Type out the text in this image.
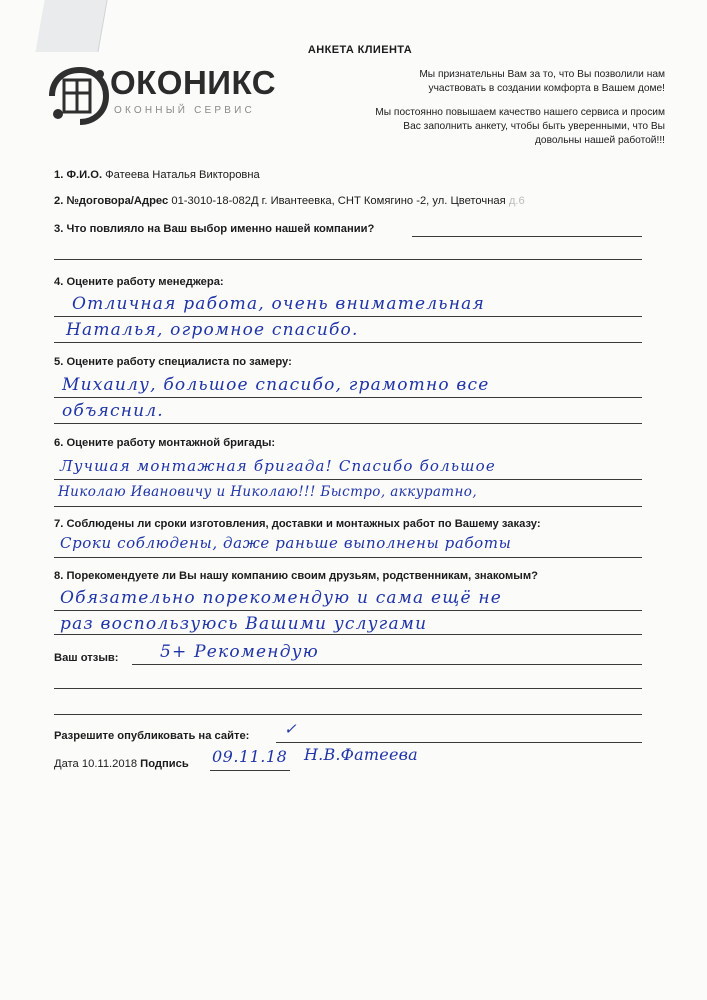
ОКОНИКС
ОКОННЫЙ СЕРВИС
АНКЕТА КЛИЕНТА

Мы признательны Вам за то, что Вы позволили нам участвовать в создании комфорта в Вашем доме!

Мы постоянно повышаем качество нашего сервиса и просим Вас заполнить анкету, чтобы быть уверенными, что Вы довольны нашей работой!!!

1. Ф.И.О. Фатеева Наталья Викторовна
2. №договора/Адрес 01-3010-18-082Д г. Ивантеевка, СНТ Комягино -2, ул. Цветочная д.6
3. Что повлияло на Ваш выбор именно нашей компании?
4. Оцените работу менеджера:
Отличная работа, очень внимательная
Наталья, огромное спасибо.
5. Оцените работу специалиста по замеру:
Михаилу, большое спасибо, грамотно все
объяснил.
6. Оцените работу монтажной бригады:
Лучшая монтажная бригада! Спасибо большое
Николаю Ивановичу и Николаю!!! Быстро, аккуратно,
7. Соблюдены ли сроки изготовления, доставки и монтажных работ по Вашему заказу:
Сроки соблюдены, даже раньше выполнены работы
8. Порекомендуете ли Вы нашу компанию своим друзьям, родственникам, знакомым?
Обязательно порекомендую и сама ещё не
раз воспользуюсь Вашими услугами
Ваш отзыв: 5+ Рекомендую
Разрешите опубликовать на сайте: ✓
Дата 10.11.2018 Подпись 09.11.18 Н.В.Фатеева
